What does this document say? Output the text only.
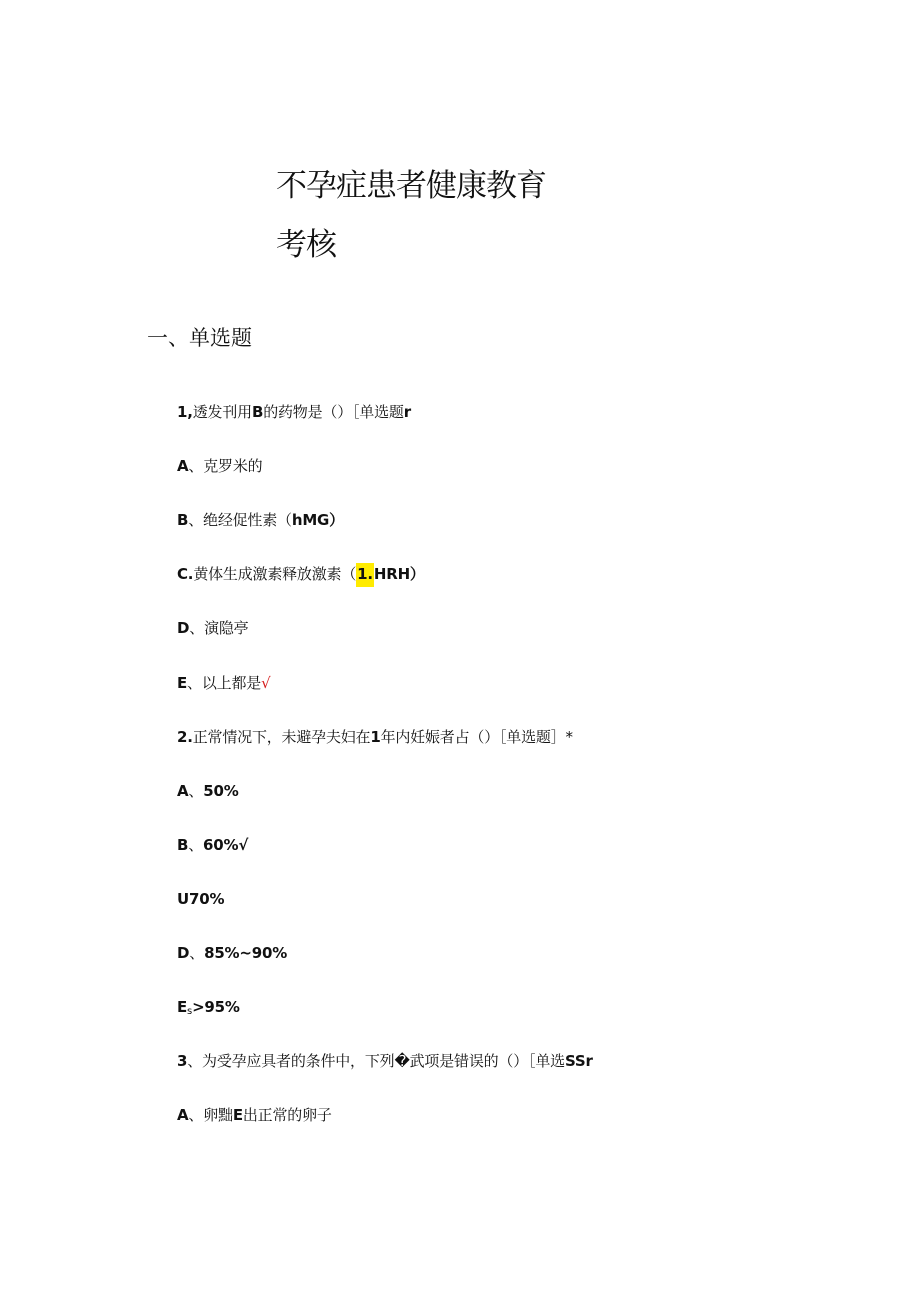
不孕症患者健康教育
考核
一、单选题
1,透发刊用B的药物是（）［单选题r
A、克罗米的
B、绝经促性素（hMG）
C.黄体生成激素释放激素（1.HRH）
D、演隐亭
E、以上都是√
2.正常情况下，未避孕夫妇在1年内妊娠者占（）［单选题］*
A、50%
B、60%√
U70%
D、85%~90%
$E_s>95\%$
3、为受孕应具者的条件中，下列�武项是错误的（）［单选SSr
A、卵黜E出正常的卵子
